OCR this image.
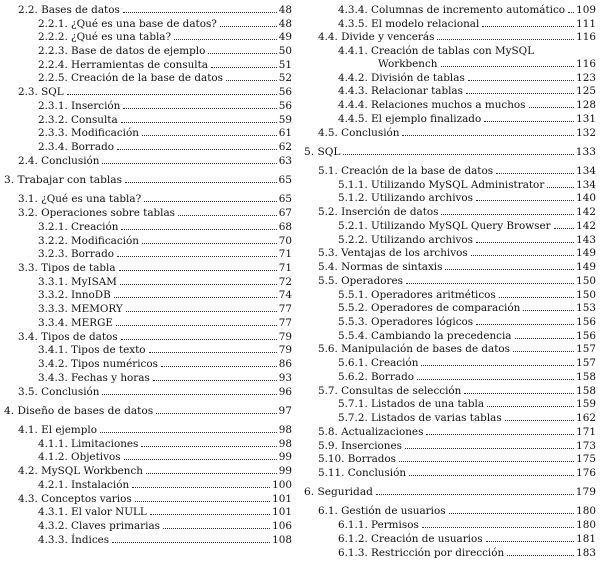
2.2. Bases de datos	48
2.2.1. ¿Qué es una base de datos?	48
2.2.2. ¿Qué es una tabla?	49
2.2.3. Base de datos de ejemplo	50
2.2.4. Herramientas de consulta	51
2.2.5. Creación de la base de datos	52
2.3. SQL	56
2.3.1. Inserción	56
2.3.2. Consulta	59
2.3.3. Modificación	61
2.3.4. Borrado	62
2.4. Conclusión	63
3. Trabajar con tablas	65
3.1. ¿Qué es una tabla?	65
3.2. Operaciones sobre tablas	67
3.2.1. Creación	68
3.2.2. Modificación	70
3.2.3. Borrado	71
3.3. Tipos de tabla	71
3.3.1. MyISAM	72
3.3.2. InnoDB	74
3.3.3. MEMORY	77
3.3.4. MERGE	77
3.4. Tipos de datos	79
3.4.1. Tipos de texto	79
3.4.2. Tipos numéricos	86
3.4.3. Fechas y horas	93
3.5. Conclusión	96
4. Diseño de bases de datos	97
4.1. El ejemplo	98
4.1.1. Limitaciones	98
4.1.2. Objetivos	99
4.2. MySQL Workbench	99
4.2.1. Instalación	100
4.3. Conceptos varios	101
4.3.1. El valor NULL	101
4.3.2. Claves primarias	106
4.3.3. Índices	108
4.3.4. Columnas de incremento automático 109
4.3.5. El modelo relacional	111
4.4. Divide y vencerás	116
4.4.1. Creación de tablas con MySQL
Workbench	116
4.4.2. División de tablas	123
4.4.3. Relacionar tablas	125
4.4.4. Relaciones muchos a muchos	128
4.4.5. El ejemplo finalizado	131
4.5. Conclusión	132
5. SQL	133
5.1. Creación de la base de datos	134
5.1.1. Utilizando MySQL Administrator	134
5.1.2. Utilizando archivos	140
5.2. Inserción de datos	142
5.2.1. Utilizando MySQL Query Browser 142
5.2.2. Utilizando archivos	143
5.3. Ventajas de los archivos	149
5.4. Normas de sintaxis	149
5.5. Operadores	150
5.5.1. Operadores aritméticos	150
5.5.2. Operadores de comparación	153
5.5.3. Operadores lógicos	156
5.5.4. Cambiando la precedencia	156
5.6. Manipulación de bases de datos	157
5.6.1. Creación	157
5.6.2. Borrado	158
5.7. Consultas de selección	158
5.7.1. Listados de una tabla	159
5.7.2. Listados de varias tablas	162
5.8. Actualizaciones	171
5.9. Inserciones	173
5.10. Borrados	175
5.11. Conclusión	176
6. Seguridad	179
6.1. Gestión de usuarios	180
6.1.1. Permisos	180
6.1.2. Creación de usuarios	181
6.1.3. Restricción por dirección	183
